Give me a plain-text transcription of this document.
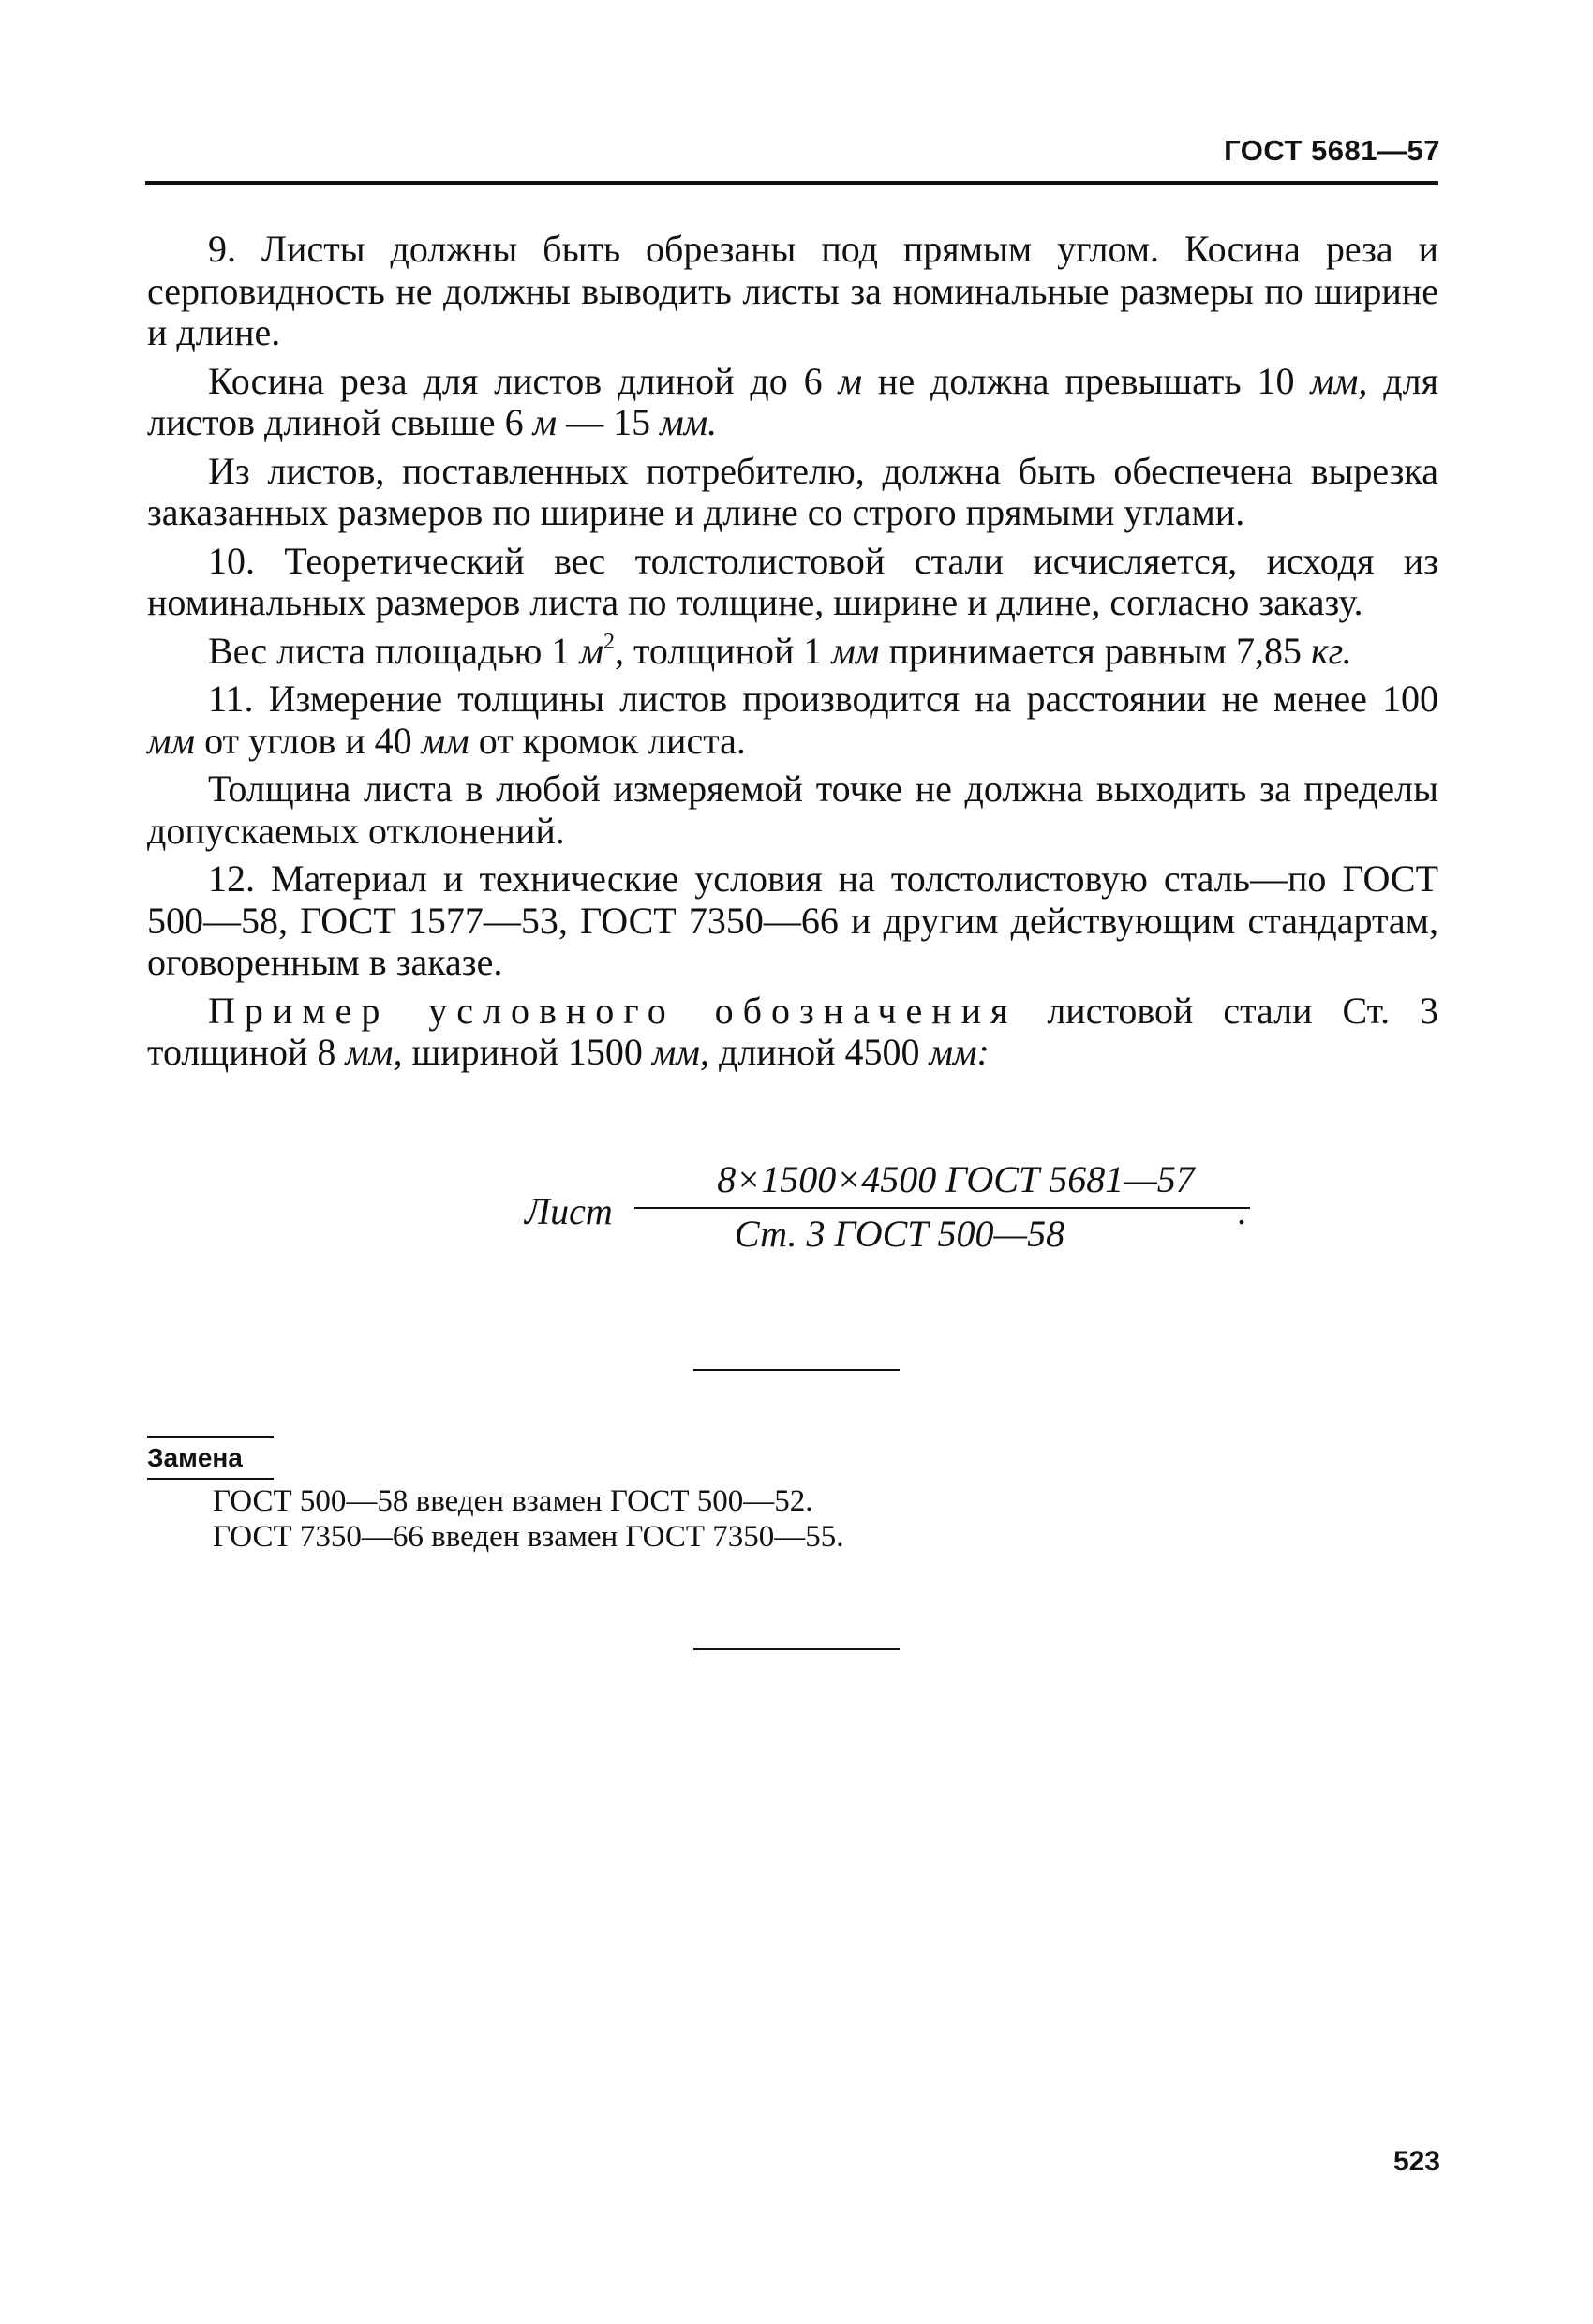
ГОСТ 5681—57

9. Листы должны быть обрезаны под прямым углом. Косина реза и серповидность не должны выводить листы за номинальные размеры по ширине и длине.

Косина реза для листов длиной до 6 м не должна превышать 10 мм, для листов длиной свыше 6 м — 15 мм.

Из листов, поставленных потребителю, должна быть обеспечена вырезка заказанных размеров по ширине и длине со строго прямыми углами.

10. Теоретический вес толстолистовой стали исчисляется, исходя из номинальных размеров листа по толщине, ширине и длине, согласно заказу.

Вес листа площадью 1 $м^2$, толщиной 1 мм принимается равным 7,85 кг.

11. Измерение толщины листов производится на расстоянии не менее 100 мм от углов и 40 мм от кромок листа.

Толщина листа в любой измеряемой точке не должна выходить за пределы допускаемых отклонений.

12. Материал и технические условия на толстолистовую сталь—по ГОСТ 500—58, ГОСТ 1577—53, ГОСТ 7350—66 и другим действующим стандартам, оговоренным в заказе.

Пример условного обозначения листовой стали Ст. 3 толщиной 8 мм, шириной 1500 мм, длиной 4500 мм:

Лист
8×1500×4500 ГОСТ 5681—57
Ст. 3 ГОСТ 500—58
.
Замена
ГОСТ 500—58 введен взамен ГОСТ 500—52.
ГОСТ 7350—66 введен взамен ГОСТ 7350—55.
523
